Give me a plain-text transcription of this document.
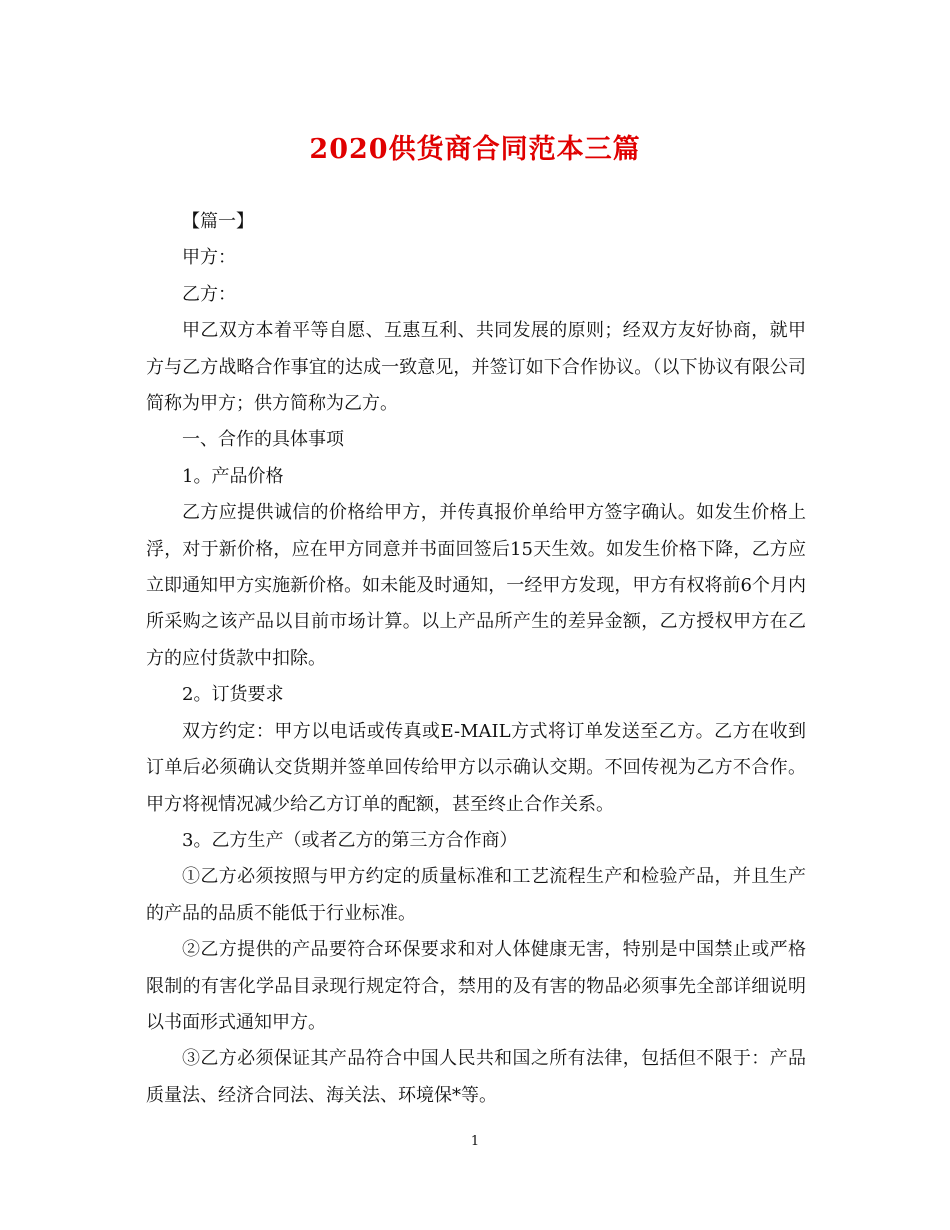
2020供货商合同范本三篇

【篇一】

甲方：

乙方：

甲乙双方本着平等自愿、互惠互利、共同发展的原则；经双方友好协商，就甲方与乙方战略合作事宜的达成一致意见，并签订如下合作协议。（以下协议有限公司简称为甲方；供方简称为乙方。

一、合作的具体事项

1。产品价格

乙方应提供诚信的价格给甲方，并传真报价单给甲方签字确认。如发生价格上浮，对于新价格，应在甲方同意并书面回签后15天生效。如发生价格下降，乙方应立即通知甲方实施新价格。如未能及时通知，一经甲方发现，甲方有权将前6个月内所采购之该产品以目前市场计算。以上产品所产生的差异金额，乙方授权甲方在乙方的应付货款中扣除。

2。订货要求

双方约定：甲方以电话或传真或E-MAIL方式将订单发送至乙方。乙方在收到订单后必须确认交货期并签单回传给甲方以示确认交期。不回传视为乙方不合作。甲方将视情况减少给乙方订单的配额，甚至终止合作关系。

3。乙方生产（或者乙方的第三方合作商）

①乙方必须按照与甲方约定的质量标准和工艺流程生产和检验产品，并且生产的产品的品质不能低于行业标准。

②乙方提供的产品要符合环保要求和对人体健康无害，特别是中国禁止或严格限制的有害化学品目录现行规定符合，禁用的及有害的物品必须事先全部详细说明以书面形式通知甲方。

③乙方必须保证其产品符合中国人民共和国之所有法律，包括但不限于：产品质量法、经济合同法、海关法、环境保*等。

1
